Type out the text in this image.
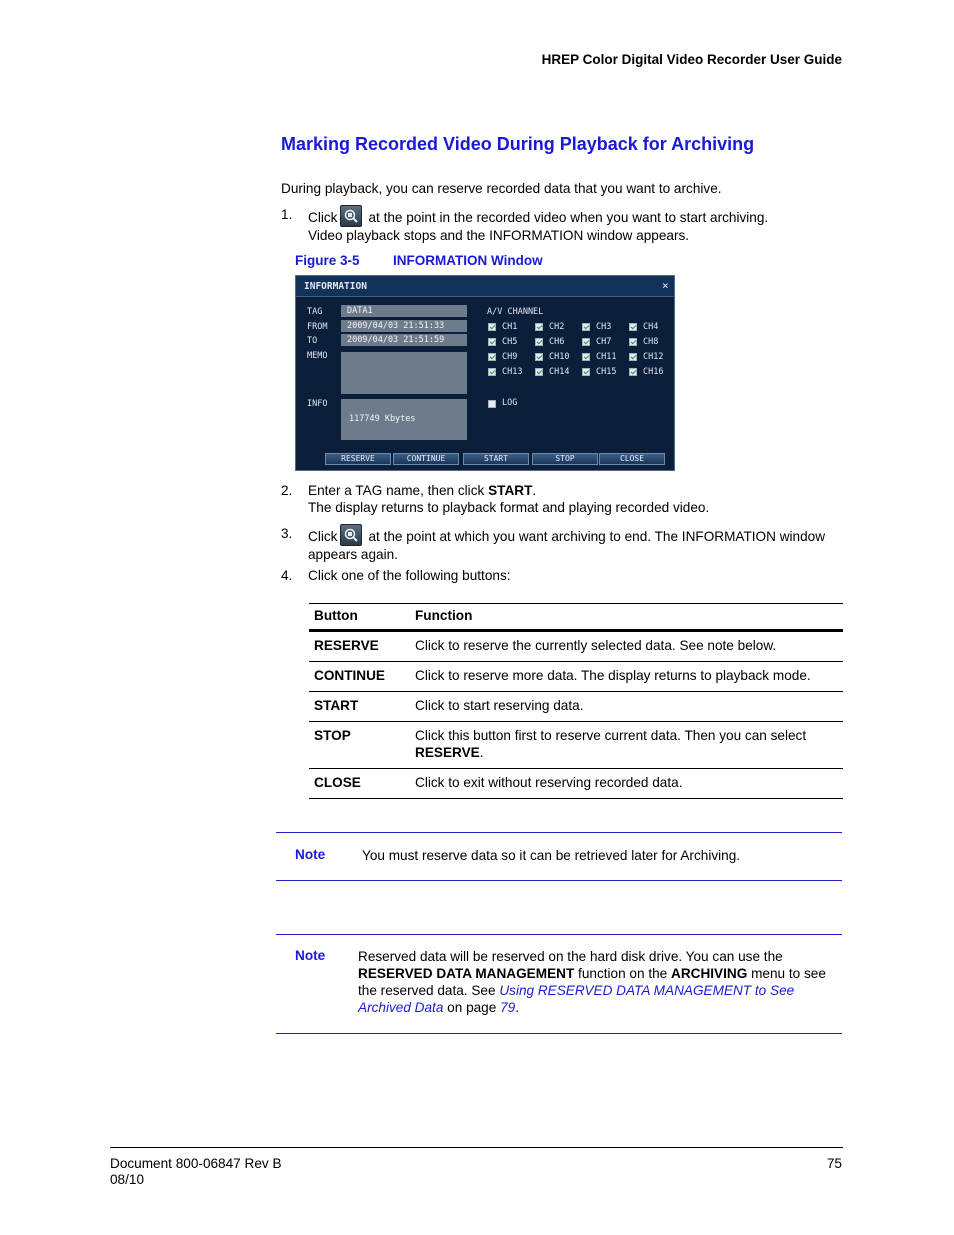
HREP Color Digital Video Recorder User Guide
Marking Recorded Video During Playback for Archiving
During playback, you can reserve recorded data that you want to archive.
1. Click at the point in the recorded video when you want to start archiving.
Video playback stops and the INFORMATION window appears.
Figure 3-5 INFORMATION Window
INFORMATION	×
TAG	DATA1
FROM	2009/04/03 21:51:33
TO	2009/04/03 21:51:59
MEMO
INFO
117749 Kbytes
A/V CHANNEL
CH1	CH2	CH3	CH4
CH5	CH6	CH7	CH8
CH9	CH10	CH11	CH12
CH13	CH14	CH15	CH16
LOG
RESERVE	CONTINUE	START	STOP	CLOSE
2. Enter a TAG name, then click START.
The display returns to playback format and playing recorded video.
3. Click at the point at which you want archiving to end. The INFORMATION window
appears again.
4. Click one of the following buttons:
Button	Function
RESERVE	Click to reserve the currently selected data. See note below.
CONTINUE	Click to reserve more data. The display returns to playback mode.
START	Click to start reserving data.
STOP	Click this button first to reserve current data. Then you can select RESERVE.
CLOSE	Click to exit without reserving recorded data.
Note	You must reserve data so it can be retrieved later for Archiving.
Note Reserved data will be reserved on the hard disk drive. You can use the
RESERVED DATA MANAGEMENT function on the ARCHIVING menu to see
the reserved data. See Using RESERVED DATA MANAGEMENT to See
Archived Data on page 79.
Document 800-06847 Rev B
08/10
75
